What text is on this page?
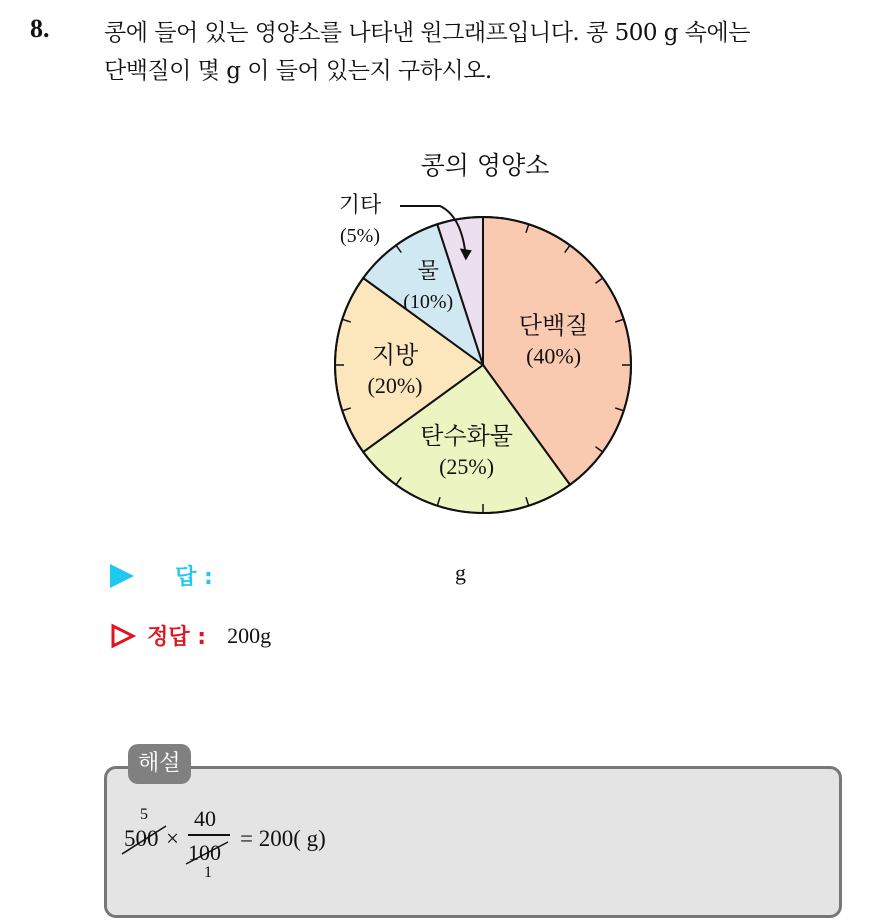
8. 콩에 들어 있는 영양소를 나타낸 원그래프입니다. 콩 500 g 속에는
단백질이 몇 g 이 들어 있는지 구하시오.
콩의 영양소
단백질
(40%)
탄수화물
(25%)
지방
(20%)
물
(10%)
기타
(5%)
답 :	g
정답 : 200g
해설
5
500 ×
40
100
1
= 200( g)
